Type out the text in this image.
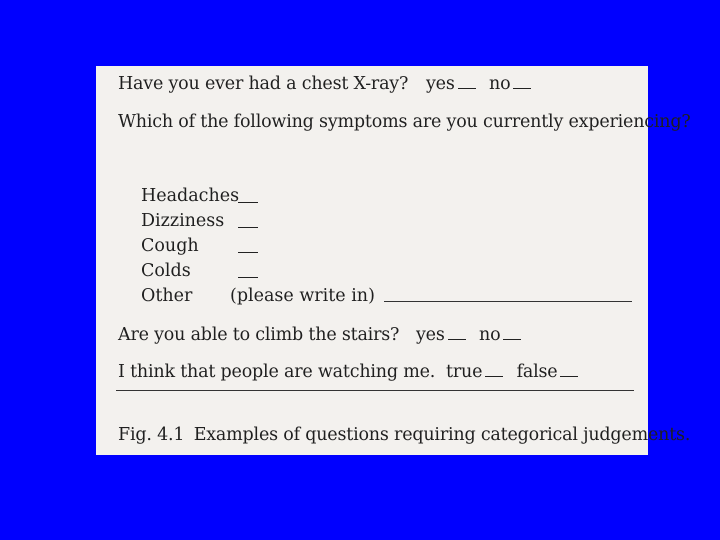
Have you ever had a chest X-ray? yes no
Which of the following symptoms are you currently experiencing?
Headaches
Dizziness
Cough
Colds
Other (please write in)
Are you able to climb the stairs? yes no
I think that people are watching me. true false
Fig. 4.1 Examples of questions requiring categorical judgements.
